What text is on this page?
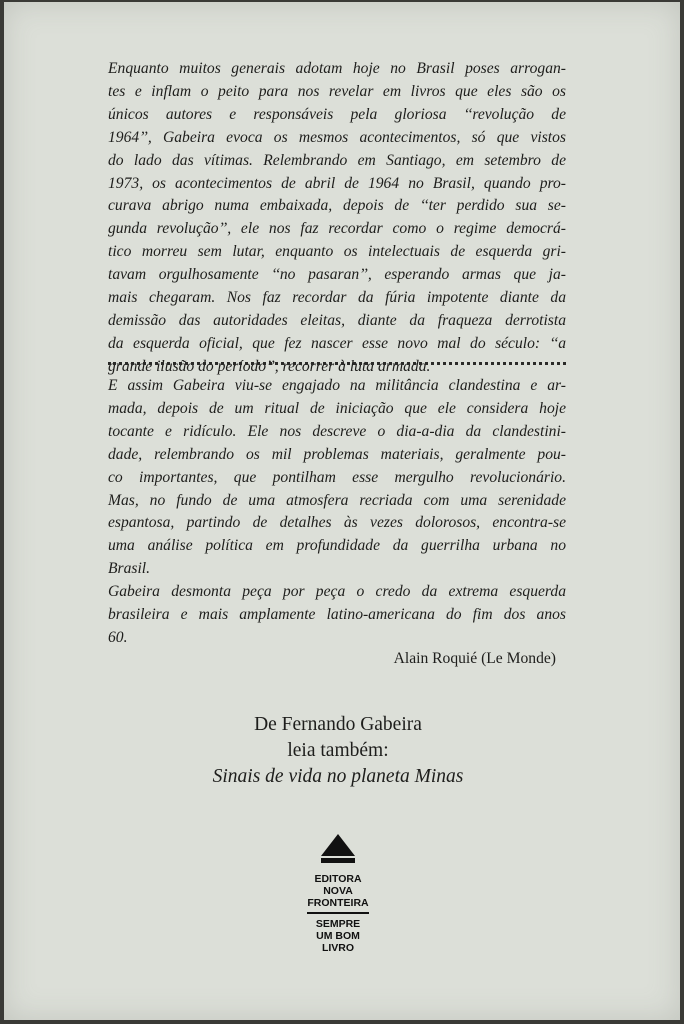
Enquanto muitos generais adotam hoje no Brasil poses arrogan-
tes e inflam o peito para nos revelar em livros que eles são os
únicos autores e responsáveis pela gloriosa ‘‘revolução de
1964’’, Gabeira evoca os mesmos acontecimentos, só que vistos
do lado das vítimas. Relembrando em Santiago, em setembro de
1973, os acontecimentos de abril de 1964 no Brasil, quando pro-
curava abrigo numa embaixada, depois de ‘‘ter perdido sua se-
gunda revolução’’, ele nos faz recordar como o regime democrá-
tico morreu sem lutar, enquanto os intelectuais de esquerda gri-
tavam orgulhosamente ‘‘no pasaran’’, esperando armas que ja-
mais chegaram. Nos faz recordar da fúria impotente diante da
demissão das autoridades eleitas, diante da fraqueza derrotista
da esquerda oficial, que fez nascer esse novo mal do século: ‘‘a
grande ilusão do período’’, recorrer à luta armada.
E assim Gabeira viu-se engajado na militância clandestina e ar-
mada, depois de um ritual de iniciação que ele considera hoje
tocante e ridículo. Ele nos descreve o dia-a-dia da clandestini-
dade, relembrando os mil problemas materiais, geralmente pou-
co importantes, que pontilham esse mergulho revolucionário.
Mas, no fundo de uma atmosfera recriada com uma serenidade
espantosa, partindo de detalhes às vezes dolorosos, encontra-se
uma análise política em profundidade da guerrilha urbana no
Brasil.
Gabeira desmonta peça por peça o credo da extrema esquerda
brasileira e mais amplamente latino-americana do fim dos anos
60.
Alain Roquié (Le Monde)
De Fernando Gabeira
leia também:
Sinais de vida no planeta Minas
EDITORA
NOVA
FRONTEIRA
SEMPRE
UM BOM
LIVRO
